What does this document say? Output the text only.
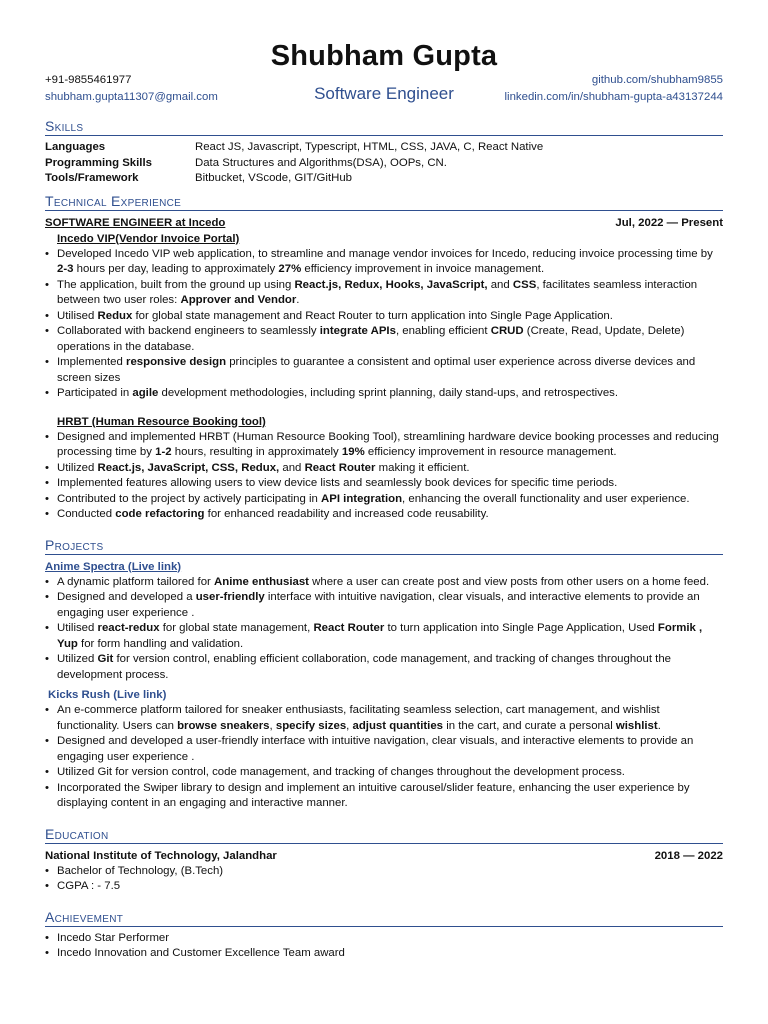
Shubham Gupta
Software Engineer
+91-9855461977
shubham.gupta11307@gmail.com
github.com/shubham9855
linkedin.com/in/shubham-gupta-a43137244
Skills
Languages	React JS, Javascript, Typescript, HTML, CSS, JAVA, C, React Native
Programming Skills	Data Structures and Algorithms(DSA), OOPs, CN.
Tools/Framework	Bitbucket, VScode, GIT/GitHub
Technical Experience
SOFTWARE ENGINEER at Incedo	Jul, 2022 — Present
Incedo VIP(Vendor Invoice Portal)
• Developed Incedo VIP web application, to streamline and manage vendor invoices for Incedo, reducing invoice processing time by 2-3 hours per day, leading to approximately 27% efficiency improvement in invoice management.
• The application, built from the ground up using React.js, Redux, Hooks, JavaScript, and CSS, facilitates seamless interaction between two user roles: Approver and Vendor.
• Utilised Redux for global state management and React Router to turn application into Single Page Application.
• Collaborated with backend engineers to seamlessly integrate APIs, enabling efficient CRUD (Create, Read, Update, Delete) operations in the database.
• Implemented responsive design principles to guarantee a consistent and optimal user experience across diverse devices and screen sizes
• Participated in agile development methodologies, including sprint planning, daily stand-ups, and retrospectives.
HRBT (Human Resource Booking tool)
• Designed and implemented HRBT (Human Resource Booking Tool), streamlining hardware device booking processes and reducing processing time by 1-2 hours, resulting in approximately 19% efficiency improvement in resource management.
• Utilized React.js, JavaScript, CSS, Redux, and React Router making it efficient.
• Implemented features allowing users to view device lists and seamlessly book devices for specific time periods.
• Contributed to the project by actively participating in API integration, enhancing the overall functionality and user experience.
• Conducted code refactoring for enhanced readability and increased code reusability.
Projects
Anime Spectra (Live link)
• A dynamic platform tailored for Anime enthusiast where a user can create post and view posts from other users on a home feed.
• Designed and developed a user-friendly interface with intuitive navigation, clear visuals, and interactive elements to provide an engaging user experience .
• Utilised react-redux for global state management, React Router to turn application into Single Page Application, Used Formik , Yup for form handling and validation.
• Utilized Git for version control, enabling efficient collaboration, code management, and tracking of changes throughout the development process.
Kicks Rush (Live link)
• An e-commerce platform tailored for sneaker enthusiasts, facilitating seamless selection, cart management, and wishlist functionality. Users can browse sneakers, specify sizes, adjust quantities in the cart, and curate a personal wishlist.
• Designed and developed a user-friendly interface with intuitive navigation, clear visuals, and interactive elements to provide an engaging user experience .
• Utilized Git for version control, code management, and tracking of changes throughout the development process.
• Incorporated the Swiper library to design and implement an intuitive carousel/slider feature, enhancing the user experience by displaying content in an engaging and interactive manner.
Education
National Institute of Technology, Jalandhar	2018 — 2022
• Bachelor of Technology, (B.Tech)
• CGPA : - 7.5
Achievement
• Incedo Star Performer
• Incedo Innovation and Customer Excellence Team award
